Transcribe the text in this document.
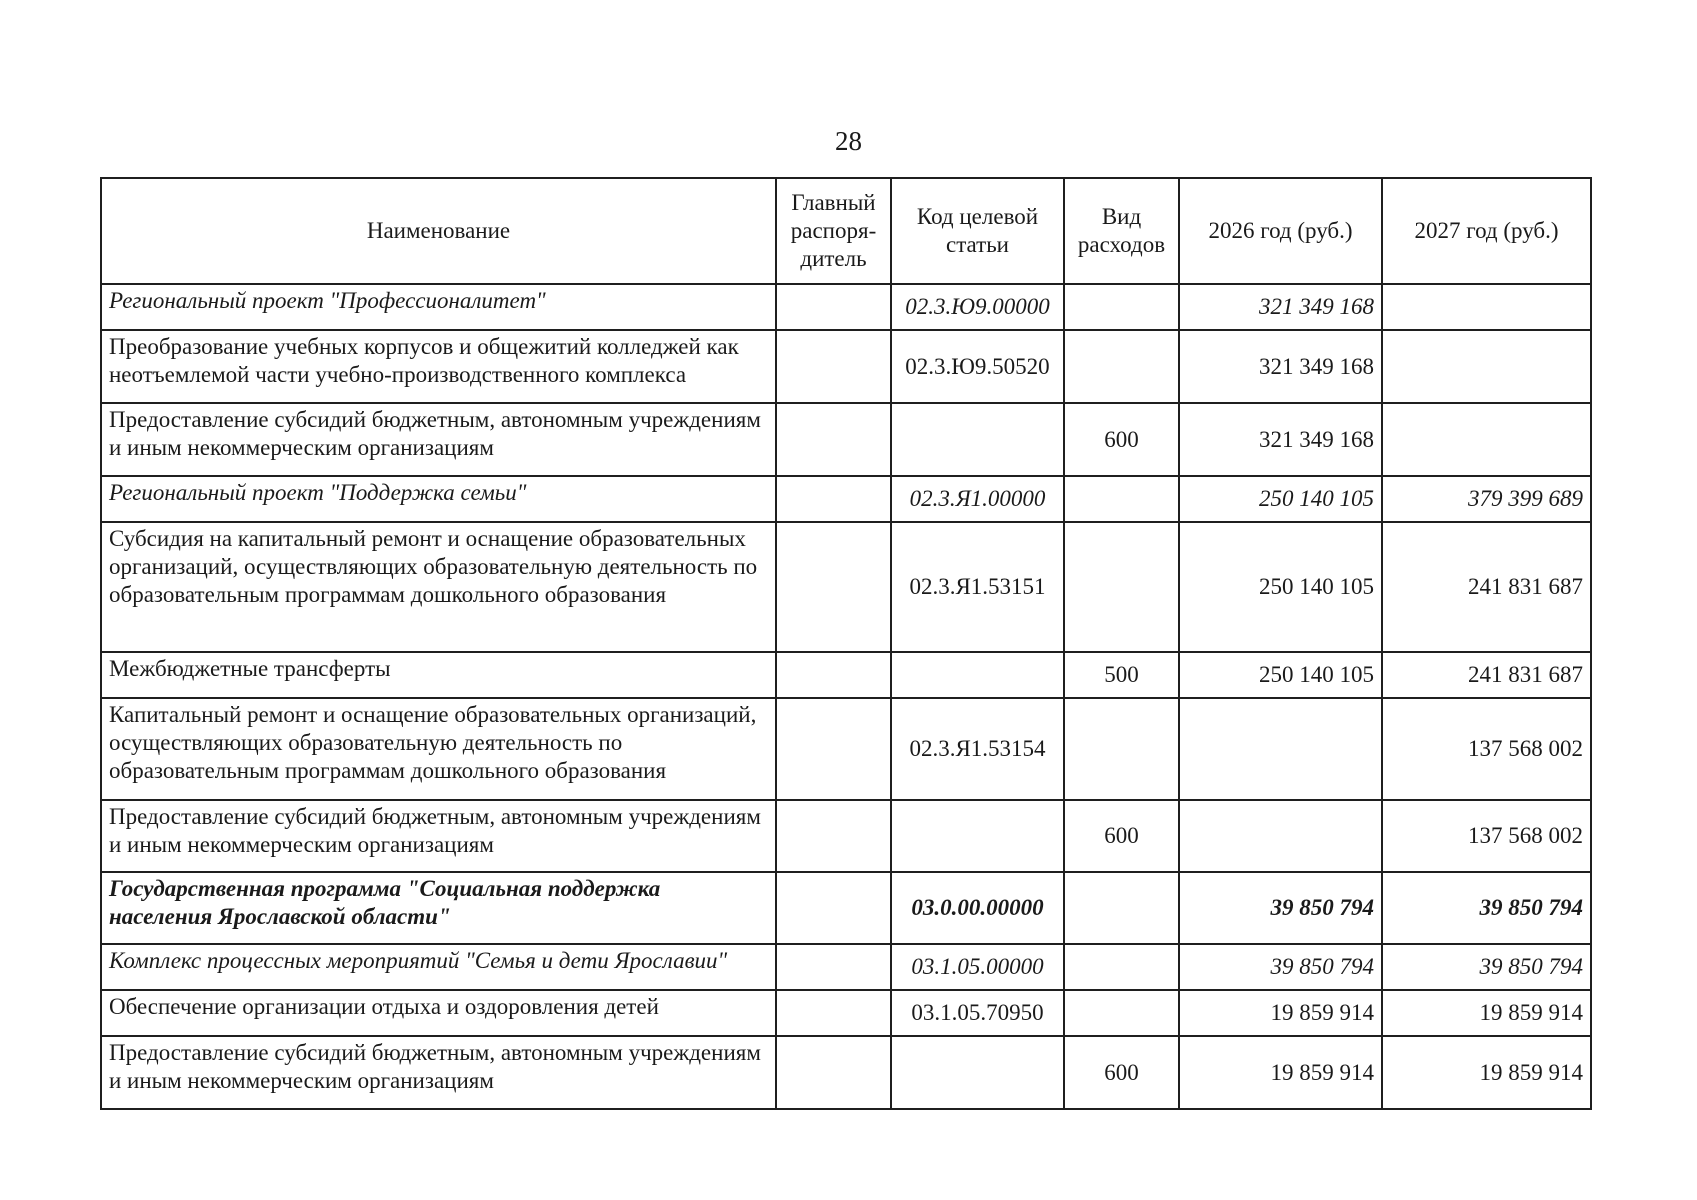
28
Наименование	Главный распоря-дитель	Код целевой статьи	Вид расходов	2026 год (руб.)	2027 год (руб.)
Региональный проект "Профессионалитет"		02.3.Ю9.00000		321 349 168	
Преобразование учебных корпусов и общежитий колледжей как неотъемлемой части учебно-производственного комплекса		02.3.Ю9.50520		321 349 168	
Предоставление субсидий бюджетным, автономным учреждениям и иным некоммерческим организациям			600	321 349 168	
Региональный проект "Поддержка семьи"		02.3.Я1.00000		250 140 105	379 399 689
Субсидия на капитальный ремонт и оснащение образовательных организаций, осуществляющих образовательную деятельность по образовательным программам дошкольного образования		02.3.Я1.53151		250 140 105	241 831 687
Межбюджетные трансферты			500	250 140 105	241 831 687
Капитальный ремонт и оснащение образовательных организаций, осуществляющих образовательную деятельность по образовательным программам дошкольного образования		02.3.Я1.53154			137 568 002
Предоставление субсидий бюджетным, автономным учреждениям и иным некоммерческим организациям			600		137 568 002
Государственная программа "Социальная поддержка населения Ярославской области"		03.0.00.00000		39 850 794	39 850 794
Комплекс процессных мероприятий "Семья и дети Ярославии"		03.1.05.00000		39 850 794	39 850 794
Обеспечение организации отдыха и оздоровления детей		03.1.05.70950		19 859 914	19 859 914
Предоставление субсидий бюджетным, автономным учреждениям и иным некоммерческим организациям			600	19 859 914	19 859 914
